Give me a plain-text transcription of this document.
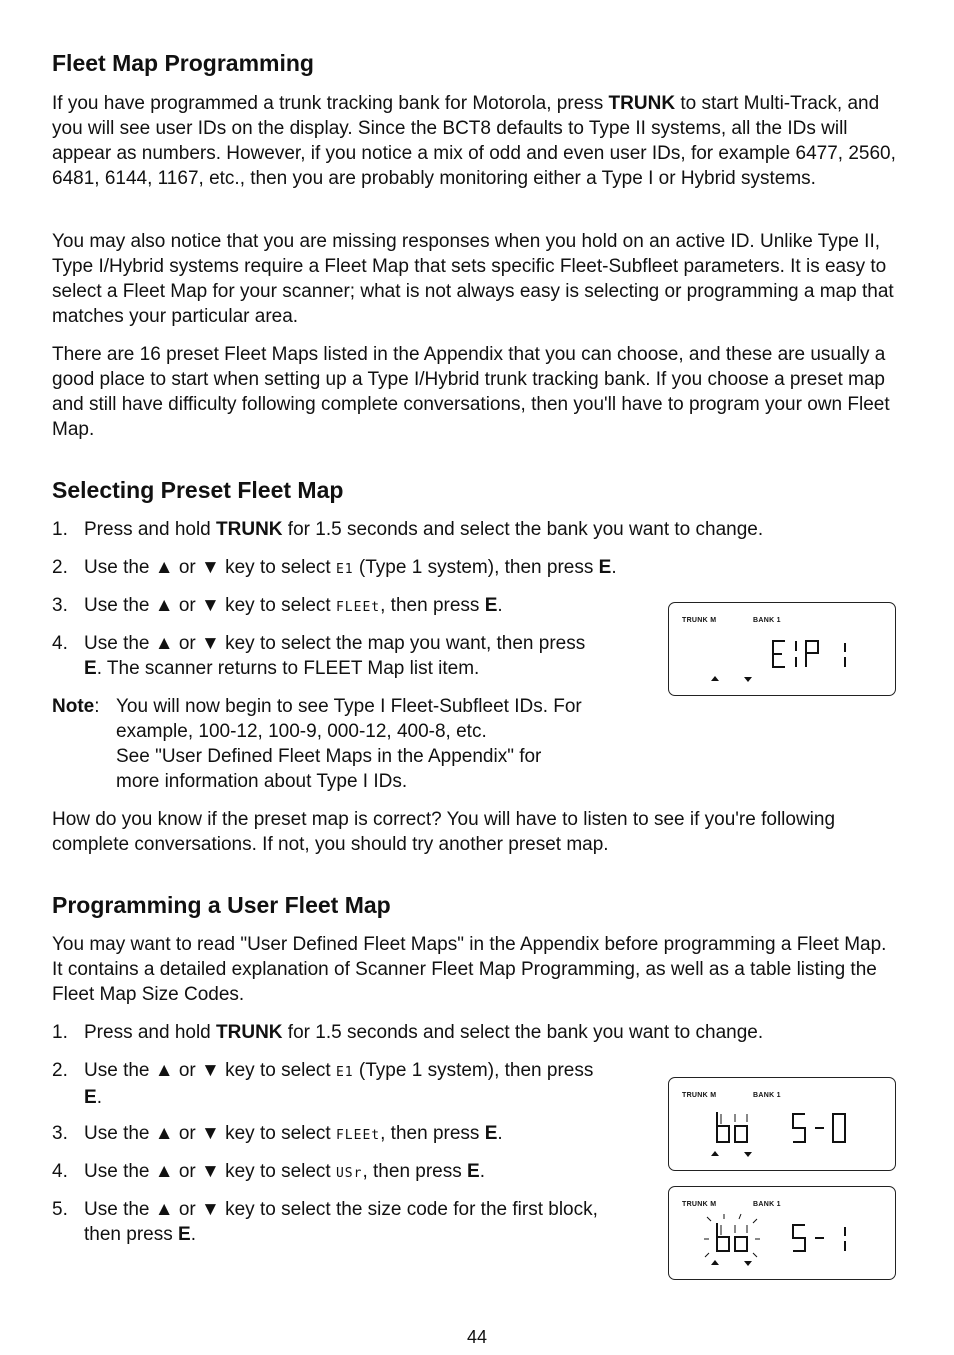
Fleet Map Programming

If you have programmed a trunk tracking bank for Motorola, press TRUNK to start Multi-Track, and you will see user IDs on the display. Since the BCT8 defaults to Type II systems, all the IDs will appear as numbers. However, if you notice a mix of odd and even user IDs, for example 6477, 2560, 6481, 6144, 1167, etc., then you are probably monitoring either a Type I or Hybrid systems.

You may also notice that you are missing responses when you hold on an active ID. Unlike Type II, Type I/Hybrid systems require a Fleet Map that sets specific Fleet-Subfleet parameters. It is easy to select a Fleet Map for your scanner; what is not always easy is selecting or programming a map that matches your particular area.

There are 16 preset Fleet Maps listed in the Appendix that you can choose, and these are usually a good place to start when setting up a Type I/Hybrid trunk tracking bank. If you choose a preset map and still have difficulty following complete conversations, then you'll have to program your own Fleet Map.

Selecting Preset Fleet Map
1. Press and hold TRUNK for 1.5 seconds and select the bank you want to change.
2. Use the ▲ or ▼ key to select E1 (Type 1 system), then press E.
3. Use the ▲ or ▼ key to select FLEEt, then press E.
4. Use the ▲ or ▼ key to select the map you want, then press
E. The scanner returns to FLEET Map list item.
Note: You will now begin to see Type I Fleet-Subfleet IDs. For
example, 100-12, 100-9, 000-12, 400-8, etc.
See "User Defined Fleet Maps in the Appendix" for
more information about Type I IDs.

How do you know if the preset map is correct? You will have to listen to see if you're following complete conversations. If not, you should try another preset map.

Programming a User Fleet Map

You may want to read "User Defined Fleet Maps" in the Appendix before programming a Fleet Map. It contains a detailed explanation of Scanner Fleet Map Programming, as well as a table listing the Fleet Map Size Codes.

1. Press and hold TRUNK for 1.5 seconds and select the bank you want to change.
2. Use the ▲ or ▼ key to select E1 (Type 1 system), then press
E.
3. Use the ▲ or ▼ key to select FLEEt, then press E.
4. Use the ▲ or ▼ key to select USr, then press E.
5. Use the ▲ or ▼ key to select the size code for the first block,
then press E.
TRUNK M	BANK 1
TRUNK M	BANK 1
TRUNK M	BANK 1
44
